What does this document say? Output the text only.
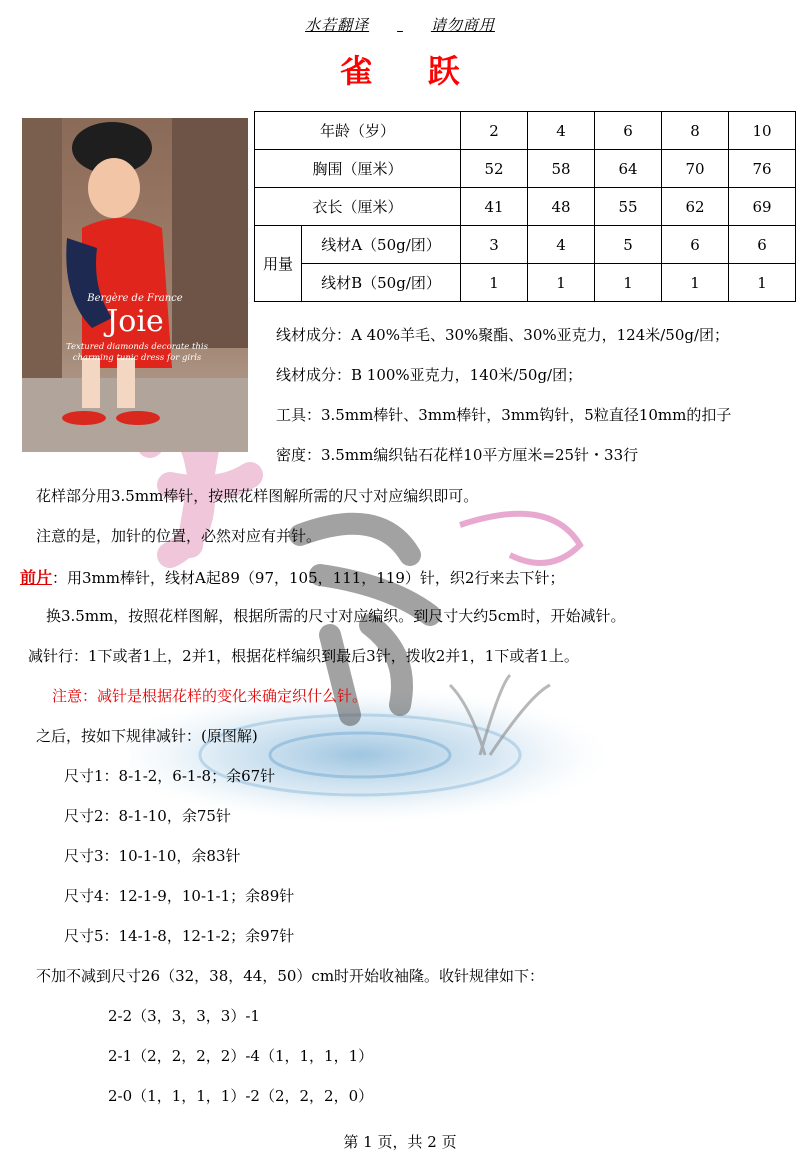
水若翻译	请勿商用
雀 跃
Bergère de France
Joie
Textured diamonds decorate this charming tunic dress for girls
年龄（岁）		2	4	6	8	10
胸围（厘米）		52	58	64	70	76
衣长（厘米）		41	48	55	62	69
用量	线材A（50g/团）	3	4	5	6	6
	线材B（50g/团）	1	1	1	1	1
线材成分：A 40%羊毛、30%聚酯、30%亚克力，124米/50g/团；
线材成分：B 100%亚克力，140米/50g/团；
工具：3.5mm棒针、3mm棒针，3mm钩针，5粒直径10mm的扣子
密度：3.5mm编织钻石花样10平方厘米=25针・33行
花样部分用3.5mm棒针，按照花样图解所需的尺寸对应编织即可。
注意的是，加针的位置，必然对应有并针。
前片：用3mm棒针，线材A起89（97，105，111，119）针，织2行来去下针；
换3.5mm，按照花样图解，根据所需的尺寸对应编织。到尺寸大约5cm时，开始减针。
减针行：1下或者1上，2并1，根据花样编织到最后3针，拨收2并1，1下或者1上。
注意：减针是根据花样的变化来确定织什么针。
之后，按如下规律减针：(原图解)
尺寸1：8-1-2，6-1-8；余67针
尺寸2：8-1-10，余75针
尺寸3：10-1-10，余83针
尺寸4：12-1-9，10-1-1；余89针
尺寸5：14-1-8，12-1-2；余97针
不加不减到尺寸26（32，38，44，50）cm时开始收袖隆。收针规律如下：
2-2（3，3，3，3）-1
2-1（2，2，2，2）-4（1，1，1，1）
2-0（1，1，1，1）-2（2，2，2，0）
第 1 页，共 2 页
